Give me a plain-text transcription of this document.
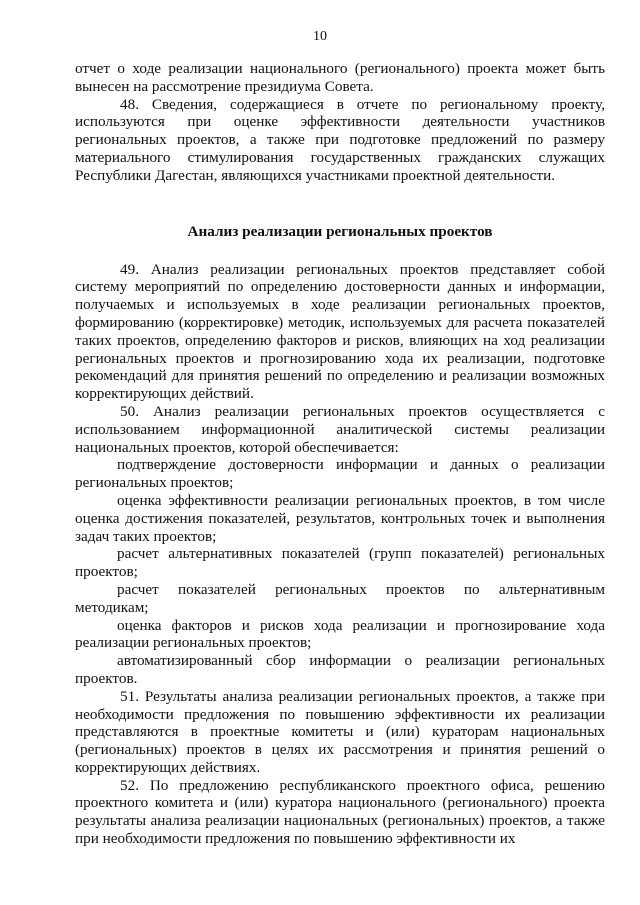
10

отчет о ходе реализации национального (регионального) проекта может быть вынесен на рассмотрение президиума Совета.

48. Сведения, содержащиеся в отчете по региональному проекту, используются при оценке эффективности деятельности участников региональных проектов, а также при подготовке предложений по размеру материального стимулирования государственных гражданских служащих Республики Дагестан, являющихся участниками проектной деятельности.

Анализ реализации региональных проектов

49. Анализ реализации региональных проектов представляет собой систему мероприятий по определению достоверности данных и информации, получаемых и используемых в ходе реализации региональных проектов, формированию (корректировке) методик, используемых для расчета показателей таких проектов, определению факторов и рисков, влияющих на ход реализации региональных проектов и прогнозированию хода их реализации, подготовке рекомендаций для принятия решений по определению и реализации возможных корректирующих действий.

50. Анализ реализации региональных проектов осуществляется с использованием информационной аналитической системы реализации национальных проектов, которой обеспечивается:

подтверждение достоверности информации и данных о реализации региональных проектов;

оценка эффективности реализации региональных проектов, в том числе оценка достижения показателей, результатов, контрольных точек и выполнения задач таких проектов;

расчет альтернативных показателей (групп показателей) региональных проектов;

расчет показателей региональных проектов по альтернативным методикам;

оценка факторов и рисков хода реализации и прогнозирование хода реализации региональных проектов;

автоматизированный сбор информации о реализации региональных проектов.

51. Результаты анализа реализации региональных проектов, а также при необходимости предложения по повышению эффективности их реализации представляются в проектные комитеты и (или) кураторам национальных (региональных) проектов в целях их рассмотрения и принятия решений о корректирующих действиях.

52. По предложению республиканского проектного офиса, решению проектного комитета и (или) куратора национального (регионального) проекта результаты анализа реализации национальных (региональных) проектов, а также при необходимости предложения по повышению эффективности их
